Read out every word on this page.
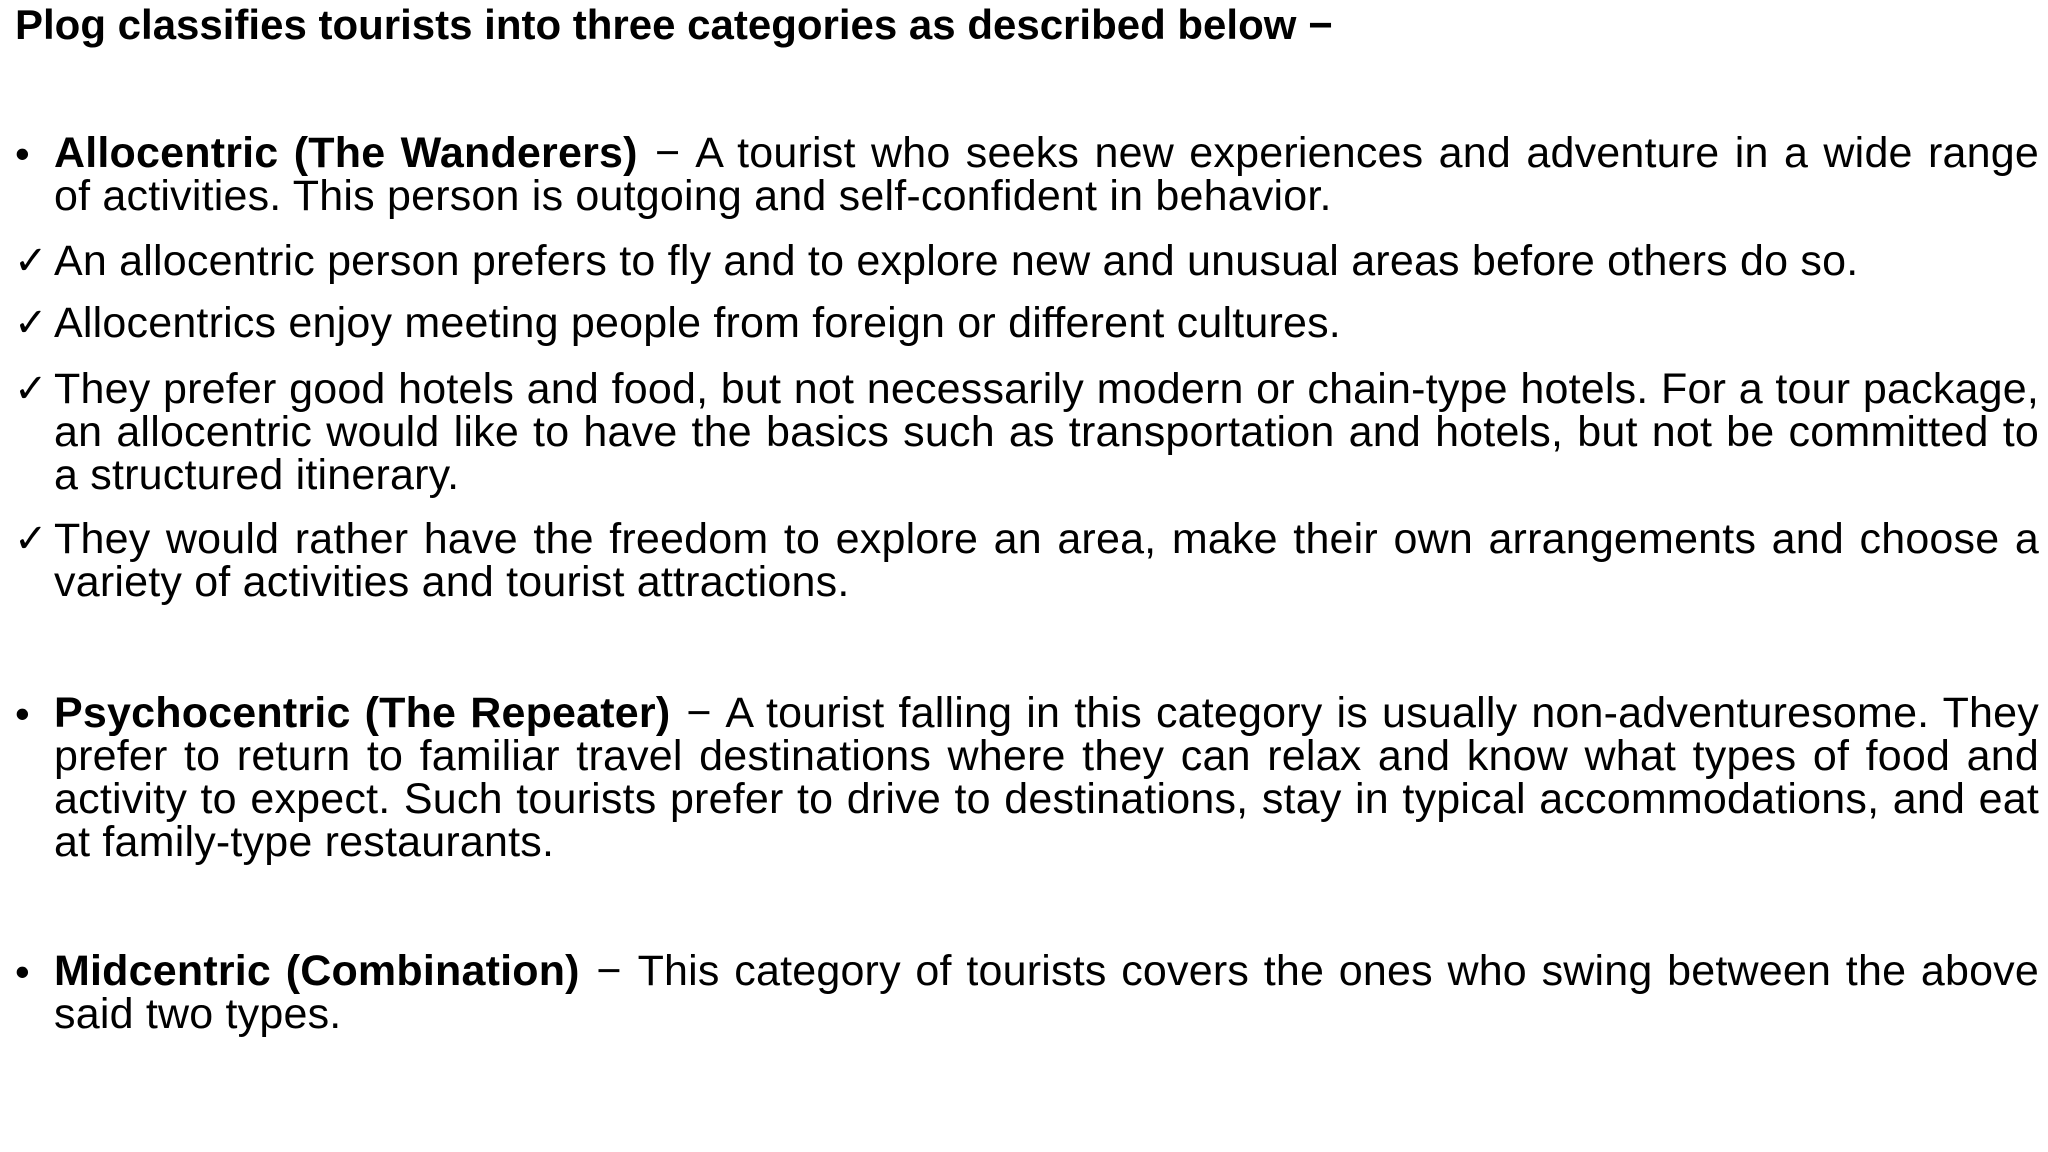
Plog classifies tourists into three categories as described below −
• Allocentric (The Wanderers) − A tourist who seeks new experiences and adventure in a wide range of activities. This person is outgoing and self-confident in behavior.
✓ An allocentric person prefers to fly and to explore new and unusual areas before others do so.
✓ Allocentrics enjoy meeting people from foreign or different cultures.
✓ They prefer good hotels and food, but not necessarily modern or chain-type hotels. For a tour package, an allocentric would like to have the basics such as transportation and hotels, but not be committed to a structured itinerary.
✓ They would rather have the freedom to explore an area, make their own arrangements and choose a variety of activities and tourist attractions.
• Psychocentric (The Repeater) − A tourist falling in this category is usually non-adventuresome. They prefer to return to familiar travel destinations where they can relax and know what types of food and activity to expect. Such tourists prefer to drive to destinations, stay in typical accommodations, and eat at family-type restaurants.
• Midcentric (Combination) − This category of tourists covers the ones who swing between the above said two types.
